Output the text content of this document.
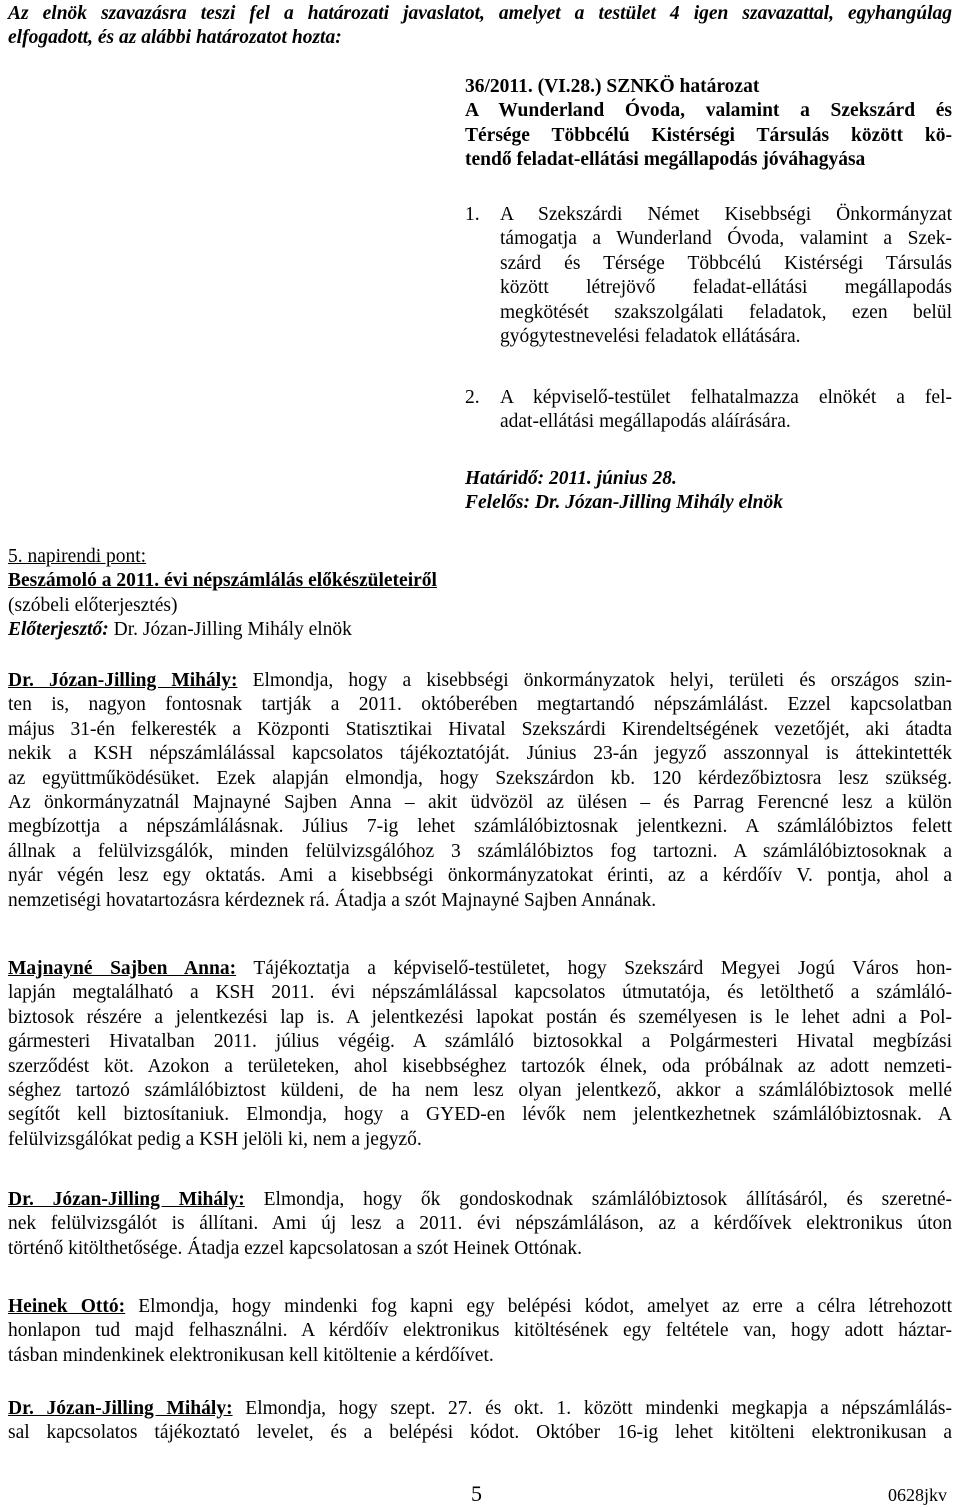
Az elnök szavazásra teszi fel a határozati javaslatot, amelyet a testület 4 igen szavazattal, egyhangúlag
elfogadott, és az alábbi határozatot hozta:
36/2011. (VI.28.) SZNKÖ határozat
A Wunderland Óvoda, valamint a Szekszárd és
Térsége Többcélú Kistérségi Társulás között kö-
tendő feladat-ellátási megállapodás jóváhagyása
1. A Szekszárdi Német Kisebbségi Önkormányzat
támogatja a Wunderland Óvoda, valamint a Szek-
szárd és Térsége Többcélú Kistérségi Társulás
között létrejövő feladat-ellátási megállapodás
megkötését szakszolgálati feladatok, ezen belül
gyógytestnevelési feladatok ellátására.
2. A képviselő-testület felhatalmazza elnökét a fel-
adat-ellátási megállapodás aláírására.
Határidő: 2011. június 28.
Felelős: Dr. Józan-Jilling Mihály elnök
5. napirendi pont:
Beszámoló a 2011. évi népszámlálás előkészületeiről
(szóbeli előterjesztés)
Előterjesztő: Dr. Józan-Jilling Mihály elnök
Dr. Józan-Jilling Mihály: Elmondja, hogy a kisebbségi önkormányzatok helyi, területi és országos szin-
ten is, nagyon fontosnak tartják a 2011. októberében megtartandó népszámlálást. Ezzel kapcsolatban
május 31-én felkeresték a Központi Statisztikai Hivatal Szekszárdi Kirendeltségének vezetőjét, aki átadta
nekik a KSH népszámlálással kapcsolatos tájékoztatóját. Június 23-án jegyző asszonnyal is áttekintették
az együttműködésüket. Ezek alapján elmondja, hogy Szekszárdon kb. 120 kérdezőbiztosra lesz szükség.
Az önkormányzatnál Majnayné Sajben Anna – akit üdvözöl az ülésen – és Parrag Ferencné lesz a külön
megbízottja a népszámlálásnak. Július 7-ig lehet számlálóbiztosnak jelentkezni. A számlálóbiztos felett
állnak a felülvizsgálók, minden felülvizsgálóhoz 3 számlálóbiztos fog tartozni. A számlálóbiztosoknak a
nyár végén lesz egy oktatás. Ami a kisebbségi önkormányzatokat érinti, az a kérdőív V. pontja, ahol a
nemzetiségi hovatartozásra kérdeznek rá. Átadja a szót Majnayné Sajben Annának.
Majnayné Sajben Anna: Tájékoztatja a képviselő-testületet, hogy Szekszárd Megyei Jogú Város hon-
lapján megtalálható a KSH 2011. évi népszámlálással kapcsolatos útmutatója, és letölthető a számláló-
biztosok részére a jelentkezési lap is. A jelentkezési lapokat postán és személyesen is le lehet adni a Pol-
gármesteri Hivatalban 2011. július végéig. A számláló biztosokkal a Polgármesteri Hivatal megbízási
szerződést köt. Azokon a területeken, ahol kisebbséghez tartozók élnek, oda próbálnak az adott nemzeti-
séghez tartozó számlálóbiztost küldeni, de ha nem lesz olyan jelentkező, akkor a számlálóbiztosok mellé
segítőt kell biztosítaniuk. Elmondja, hogy a GYED-en lévők nem jelentkezhetnek számlálóbiztosnak. A
felülvizsgálókat pedig a KSH jelöli ki, nem a jegyző.
Dr. Józan-Jilling Mihály: Elmondja, hogy ők gondoskodnak számlálóbiztosok állításáról, és szeretné-
nek felülvizsgálót is állítani. Ami új lesz a 2011. évi népszámláláson, az a kérdőívek elektronikus úton
történő kitölthetősége. Átadja ezzel kapcsolatosan a szót Heinek Ottónak.
Heinek Ottó: Elmondja, hogy mindenki fog kapni egy belépési kódot, amelyet az erre a célra létrehozott
honlapon tud majd felhasználni. A kérdőív elektronikus kitöltésének egy feltétele van, hogy adott háztar-
tásban mindenkinek elektronikusan kell kitöltenie a kérdőívet.
Dr. Józan-Jilling Mihály: Elmondja, hogy szept. 27. és okt. 1. között mindenki megkapja a népszámlálás-
sal kapcsolatos tájékoztató levelet, és a belépési kódot. Október 16-ig lehet kitölteni elektronikusan a
5	0628jkv
